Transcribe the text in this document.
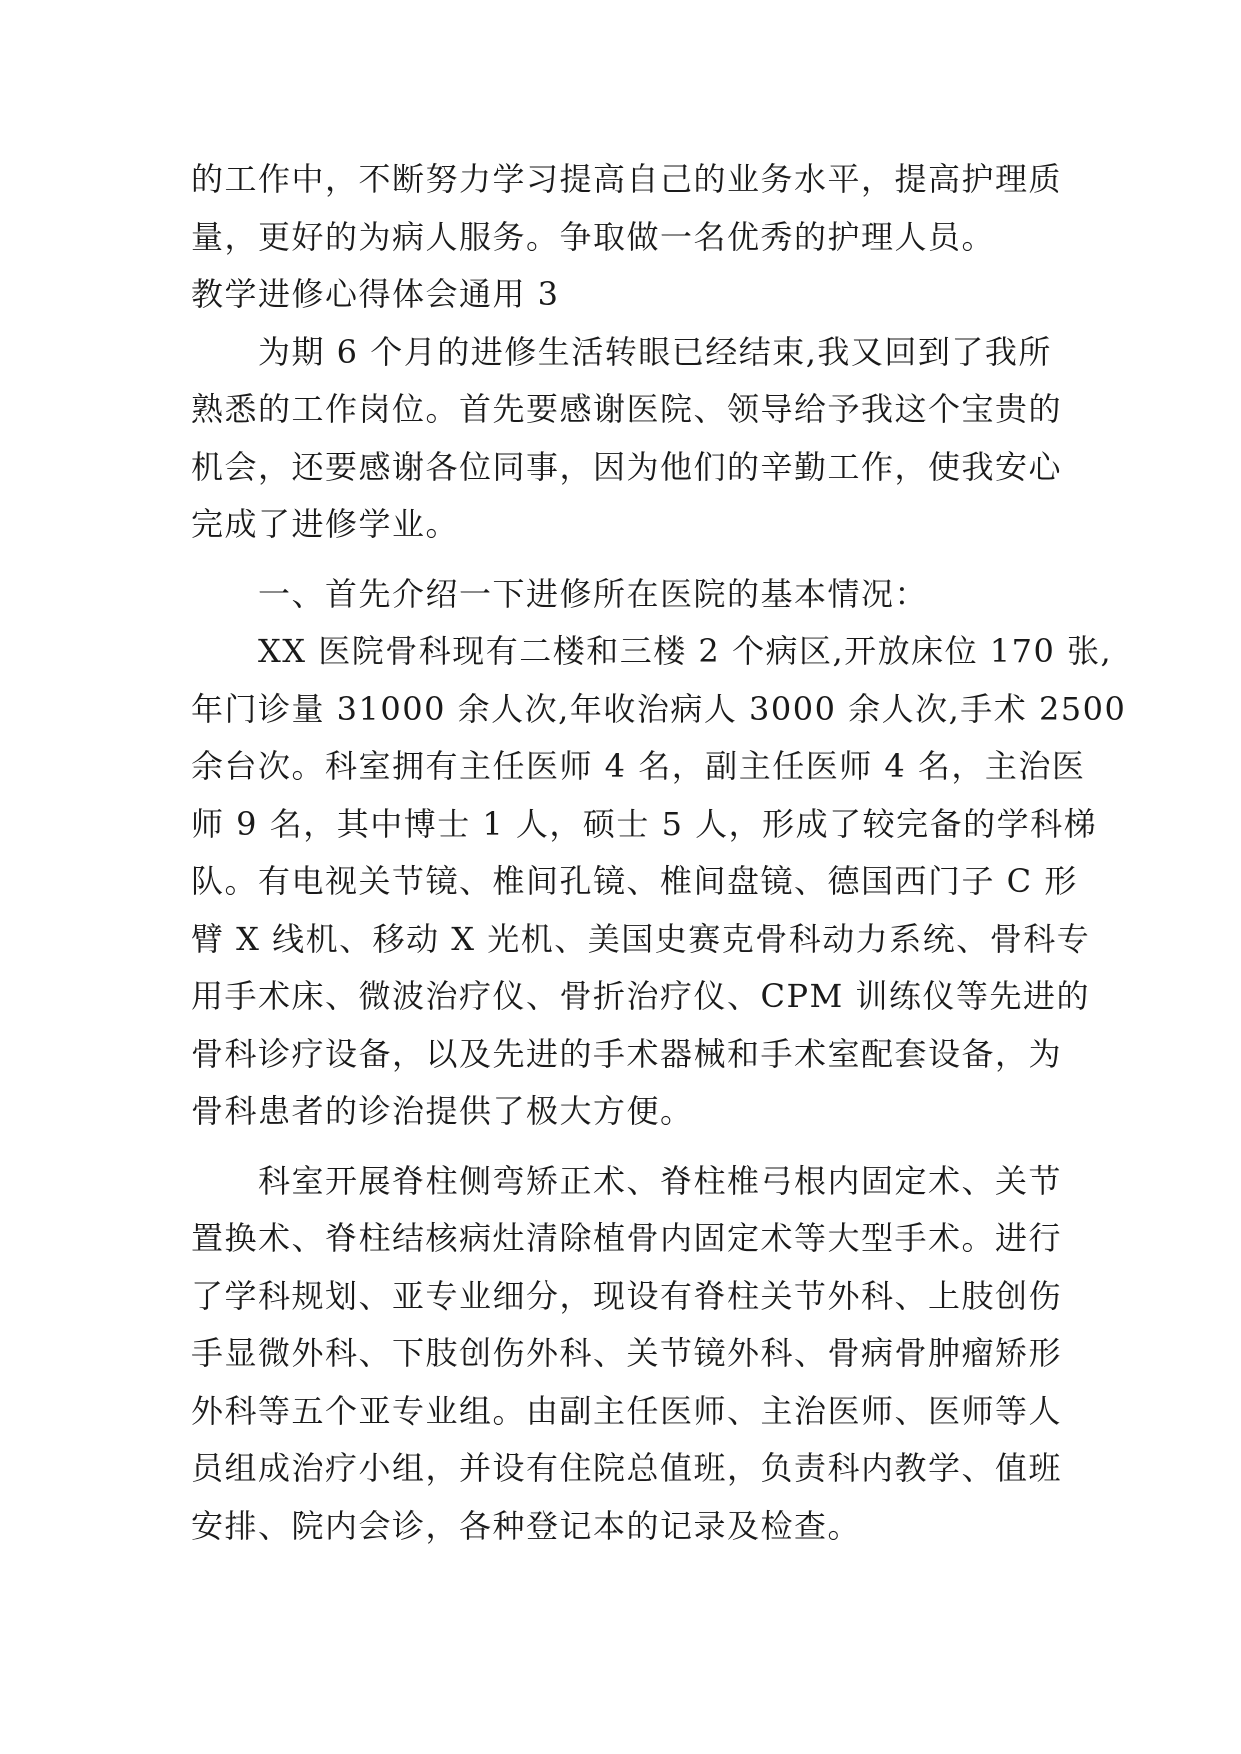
的工作中，不断努力学习提高自己的业务水平，提高护理质
量，更好的为病人服务。争取做一名优秀的护理人员。
教学进修心得体会通用 3
　　为期 6 个月的进修生活转眼已经结束,我又回到了我所
熟悉的工作岗位。首先要感谢医院、领导给予我这个宝贵的
机会，还要感谢各位同事，因为他们的辛勤工作，使我安心
完成了进修学业。
　　一、首先介绍一下进修所在医院的基本情况：
　　XX 医院骨科现有二楼和三楼 2 个病区,开放床位 170 张,
年门诊量 31000 余人次,年收治病人 3000 余人次,手术 2500
余台次。科室拥有主任医师 4 名，副主任医师 4 名，主治医
师 9 名，其中博士 1 人，硕士 5 人，形成了较完备的学科梯
队。有电视关节镜、椎间孔镜、椎间盘镜、德国西门子 C 形
臂 X 线机、移动 X 光机、美国史赛克骨科动力系统、骨科专
用手术床、微波治疗仪、骨折治疗仪、CPM 训练仪等先进的
骨科诊疗设备，以及先进的手术器械和手术室配套设备，为
骨科患者的诊治提供了极大方便。
　　科室开展脊柱侧弯矫正术、脊柱椎弓根内固定术、关节
置换术、脊柱结核病灶清除植骨内固定术等大型手术。进行
了学科规划、亚专业细分，现设有脊柱关节外科、上肢创伤
手显微外科、下肢创伤外科、关节镜外科、骨病骨肿瘤矫形
外科等五个亚专业组。由副主任医师、主治医师、医师等人
员组成治疗小组，并设有住院总值班，负责科内教学、值班
安排、院内会诊，各种登记本的记录及检查。
